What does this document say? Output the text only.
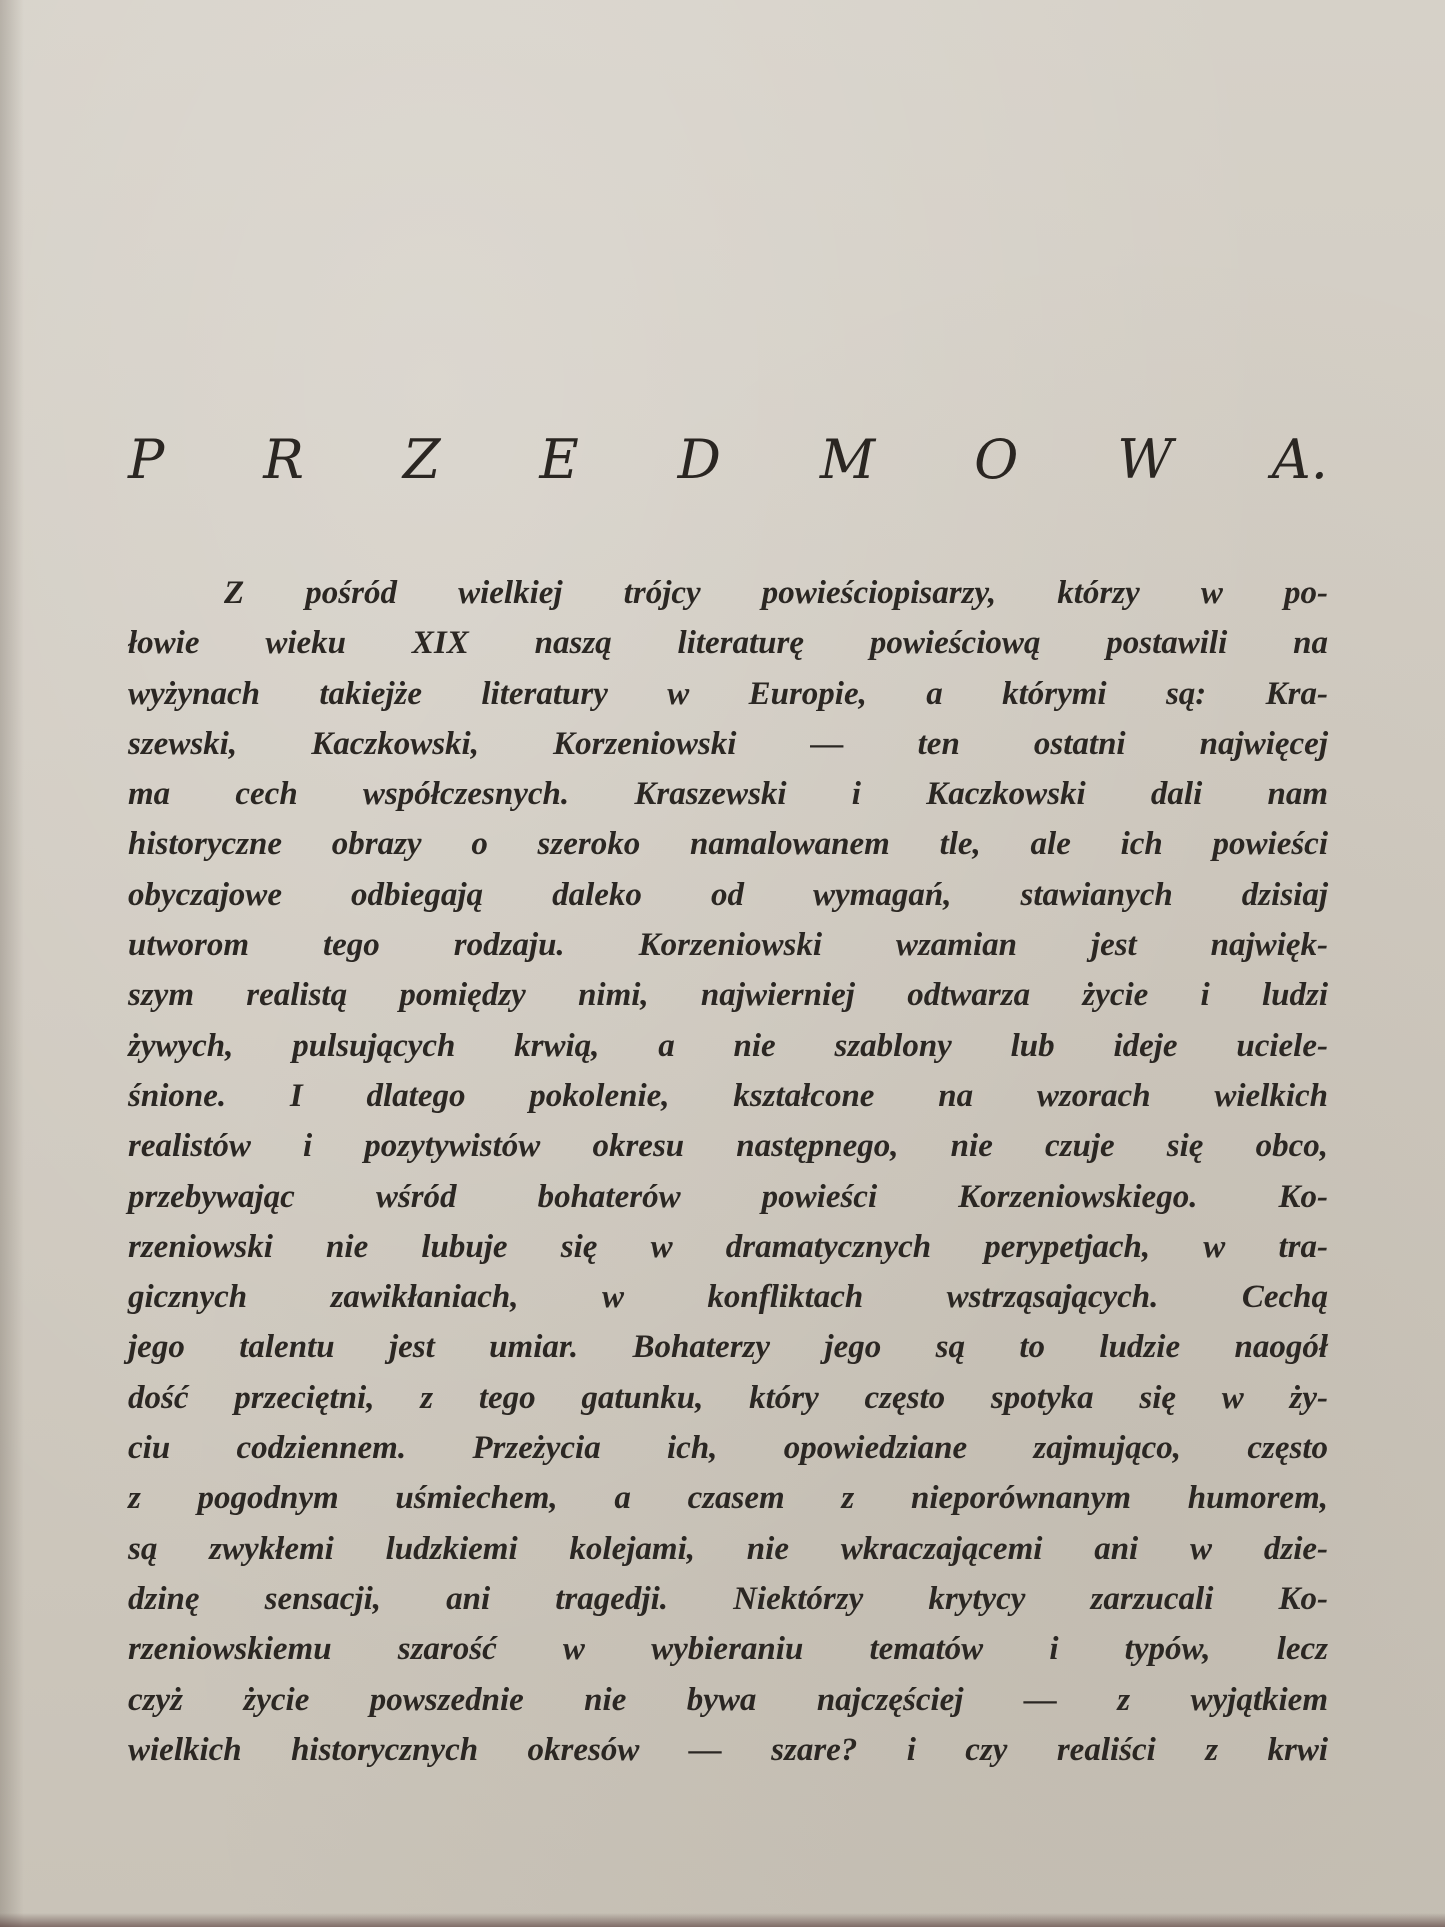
P R Z E D M O W A.
Z pośród wielkiej trójcy powieściopisarzy, którzy w po-
łowie wieku XIX naszą literaturę powieściową postawili na
wyżynach takiejże literatury w Europie, a którymi są: Kra-
szewski, Kaczkowski, Korzeniowski — ten ostatni najwięcej
ma cech współczesnych. Kraszewski i Kaczkowski dali nam
historyczne obrazy o szeroko namalowanem tle, ale ich powieści
obyczajowe odbiegają daleko od wymagań, stawianych dzisiaj
utworom tego rodzaju. Korzeniowski wzamian jest najwięk-
szym realistą pomiędzy nimi, najwierniej odtwarza życie i ludzi
żywych, pulsujących krwią, a nie szablony lub ideje uciele-
śnione. I dlatego pokolenie, kształcone na wzorach wielkich
realistów i pozytywistów okresu następnego, nie czuje się obco,
przebywając wśród bohaterów powieści Korzeniowskiego. Ko-
rzeniowski nie lubuje się w dramatycznych perypetjach, w tra-
gicznych zawikłaniach, w konfliktach wstrząsających. Cechą
jego talentu jest umiar. Bohaterzy jego są to ludzie naogół
dość przeciętni, z tego gatunku, który często spotyka się w ży-
ciu codziennem. Przeżycia ich, opowiedziane zajmująco, często
z pogodnym uśmiechem, a czasem z nieporównanym humorem,
są zwykłemi ludzkiemi kolejami, nie wkraczającemi ani w dzie-
dzinę sensacji, ani tragedji. Niektórzy krytycy zarzucali Ko-
rzeniowskiemu szarość w wybieraniu tematów i typów, lecz
czyż życie powszednie nie bywa najczęściej — z wyjątkiem
wielkich historycznych okresów — szare? i czy realiści z krwi
